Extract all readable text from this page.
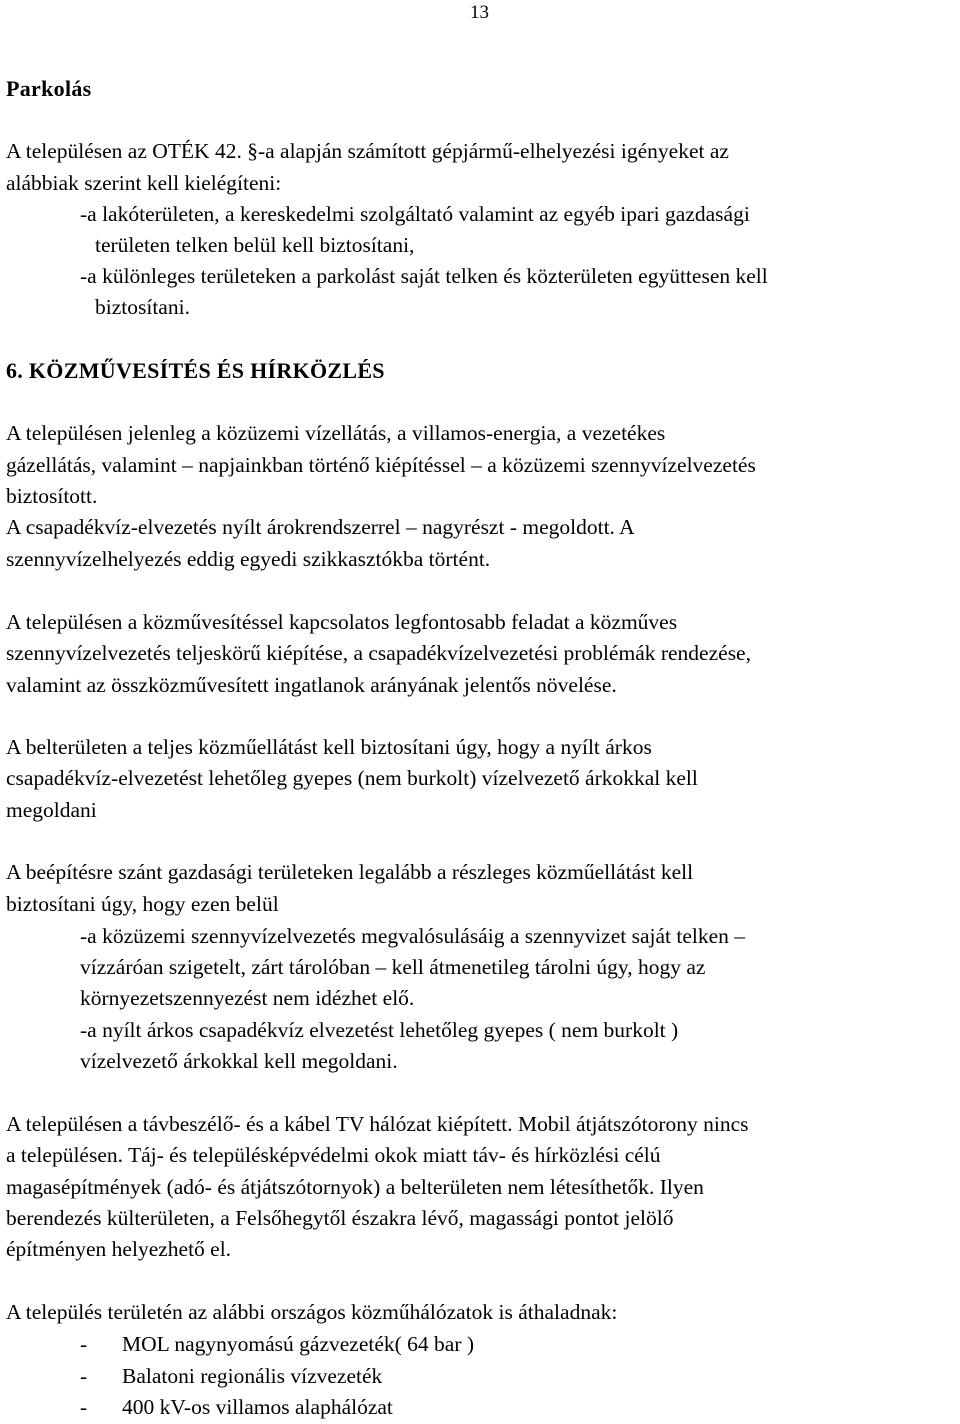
13
Parkolás
A településen az OTÉK 42. §-a alapján számított gépjármű-elhelyezési igényeket az
alábbiak szerint kell kielégíteni:
-a lakóterületen, a kereskedelmi szolgáltató valamint az egyéb ipari gazdasági
területen telken belül kell biztosítani,
-a különleges területeken a parkolást saját telken és közterületen együttesen kell
biztosítani.
6. KÖZMŰVESÍTÉS ÉS HÍRKÖZLÉS
A településen jelenleg a közüzemi vízellátás, a villamos-energia, a vezetékes
gázellátás, valamint – napjainkban történő kiépítéssel – a közüzemi szennyvízelvezetés
biztosított.
A csapadékvíz-elvezetés nyílt árokrendszerrel – nagyrészt - megoldott. A
szennyvízelhelyezés eddig egyedi szikkasztókba történt.
A településen a közművesítéssel kapcsolatos legfontosabb feladat a közműves
szennyvízelvezetés teljeskörű kiépítése, a csapadékvízelvezetési problémák rendezése,
valamint az összközművesített ingatlanok arányának jelentős növelése.
A belterületen a teljes közműellátást kell biztosítani úgy, hogy a nyílt árkos
csapadékvíz-elvezetést lehetőleg gyepes (nem burkolt) vízelvezető árkokkal kell
megoldani
A beépítésre szánt gazdasági területeken legalább a részleges közműellátást kell
biztosítani úgy, hogy ezen belül
-a közüzemi szennyvízelvezetés megvalósulásáig a szennyvizet saját telken –
vízzáróan szigetelt, zárt tárolóban – kell átmenetileg tárolni úgy, hogy az
környezetszennyezést nem idézhet elő.
-a nyílt árkos csapadékvíz elvezetést lehetőleg gyepes ( nem burkolt )
vízelvezető árkokkal kell megoldani.
A településen a távbeszélő- és a kábel TV hálózat kiépített. Mobil átjátszótorony nincs
a településen. Táj- és településképvédelmi okok miatt táv- és hírközlési célú
magasépítmények (adó- és átjátszótornyok) a belterületen nem létesíthetők. Ilyen
berendezés külterületen, a Felsőhegytől északra lévő, magassági pontot jelölő
építményen helyezhető el.
A település területén az alábbi országos közműhálózatok is áthaladnak:
- MOL nagynyomású gázvezeték( 64 bar )
- Balatoni regionális vízvezeték
- 400 kV-os villamos alaphálózat
